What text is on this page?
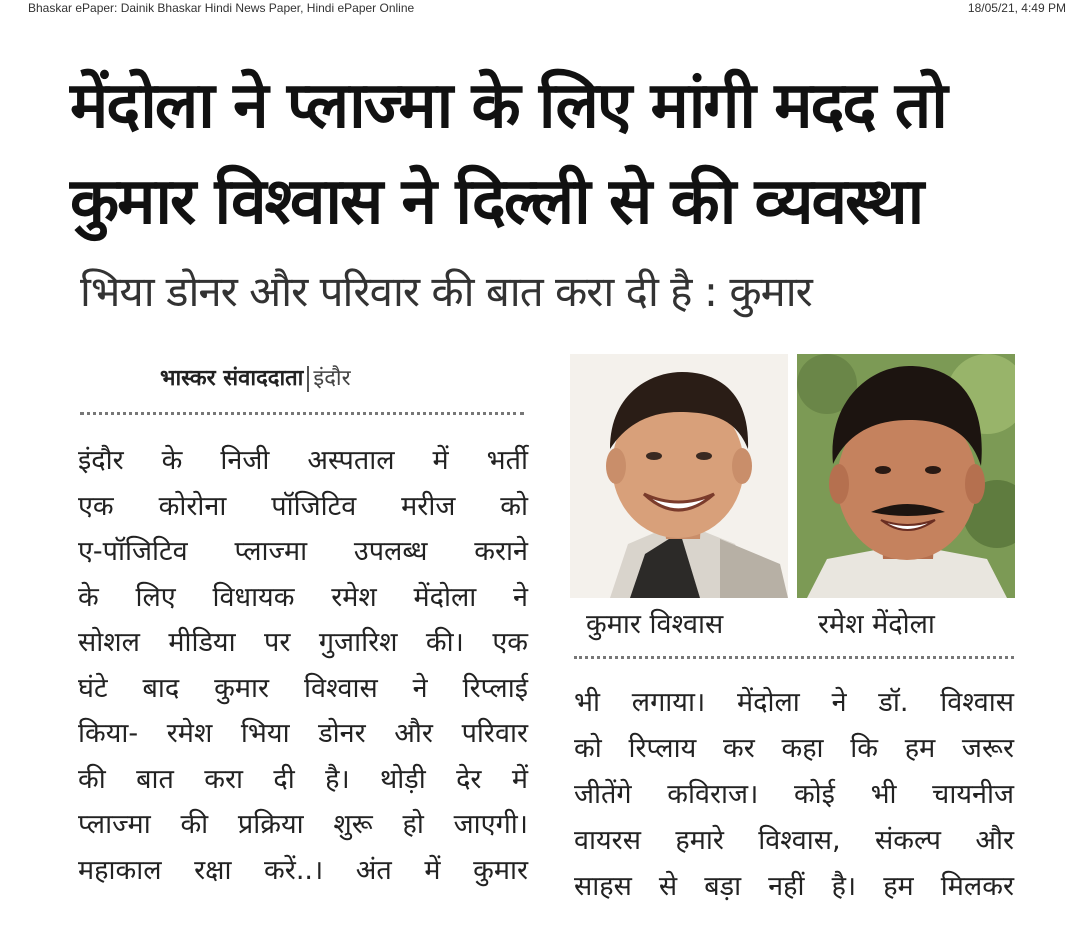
Bhaskar ePaper: Dainik Bhaskar Hindi News Paper, Hindi ePaper Online	18/05/21, 4:49 PM
मेंदोला ने प्लाज्मा के लिए मांगी मदद तो
कुमार विश्वास ने दिल्ली से की व्यवस्था
भिया डोनर और परिवार की बात करा दी है : कुमार
भास्कर संवाददाता इंदौर
इंदौर के निजी अस्पताल में भर्ती
एक कोरोना पॉजिटिव मरीज को
ए-पॉजिटिव प्लाज्मा उपलब्ध कराने
के लिए विधायक रमेश मेंदोला ने
सोशल मीडिया पर गुजारिश की। एक
घंटे बाद कुमार विश्वास ने रिप्लाई
किया- रमेश भिया डोनर और परिवार
की बात करा दी है। थोड़ी देर में
प्लाज्मा की प्रक्रिया शुरू हो जाएगी।
महाकाल रक्षा करें..। अंत में कुमार
कुमार विश्वास	रमेश मेंदोला
भी लगाया। मेंदोला ने डॉ. विश्वास
को रिप्लाय कर कहा कि हम जरूर
जीतेंगे कविराज। कोई भी चायनीज
वायरस हमारे विश्वास, संकल्प और
साहस से बड़ा नहीं है। हम मिलकर
